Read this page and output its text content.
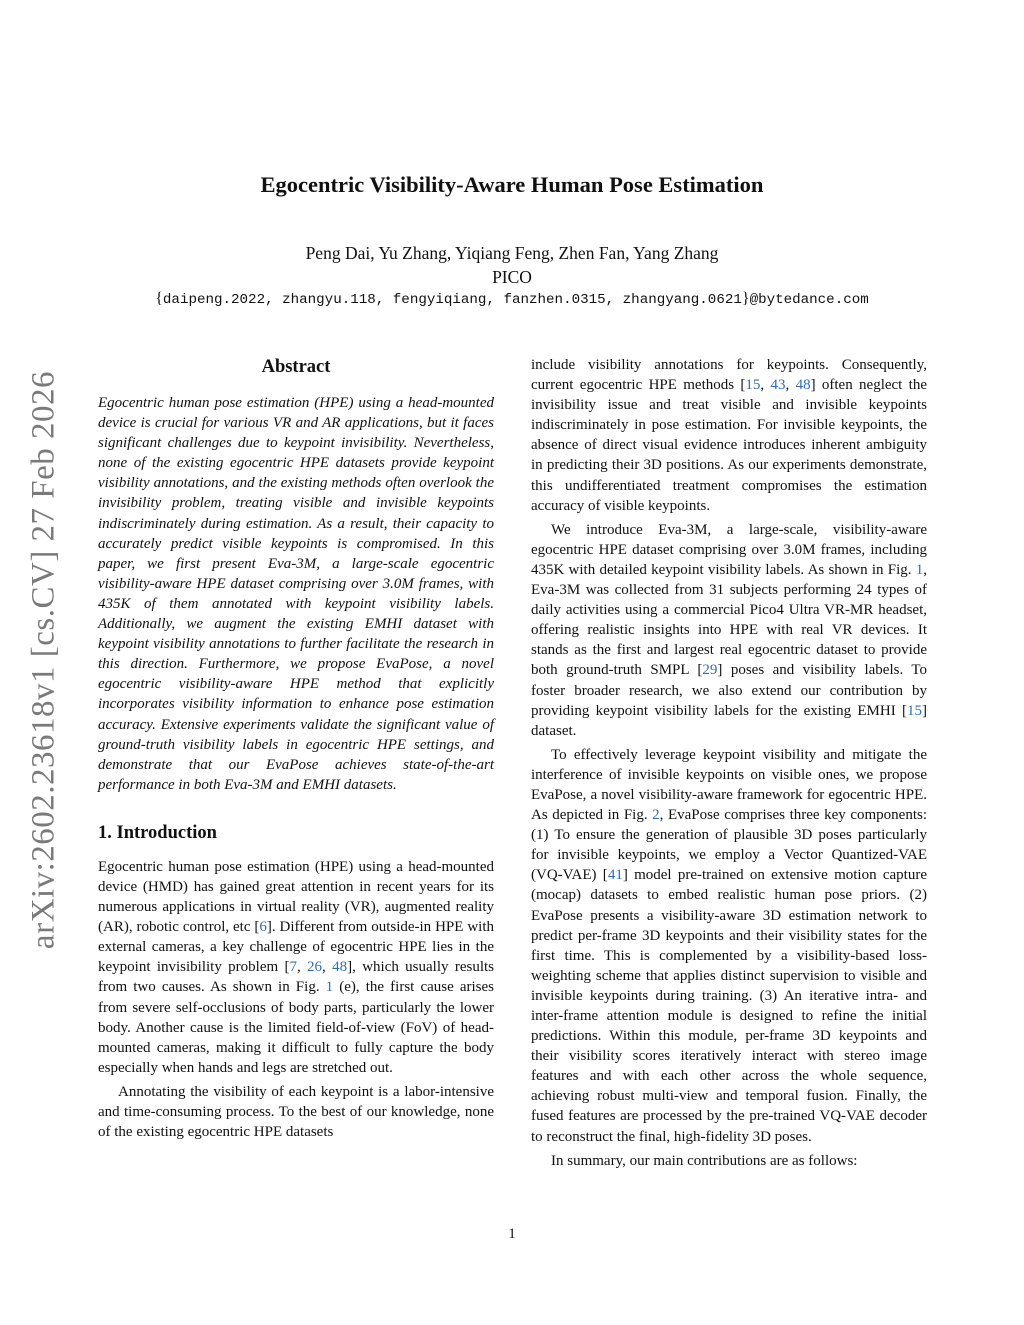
arXiv:2602.23618v1 [cs.CV] 27 Feb 2026
Egocentric Visibility-Aware Human Pose Estimation
Peng Dai, Yu Zhang, Yiqiang Feng, Zhen Fan, Yang Zhang
PICO
{daipeng.2022, zhangyu.118, fengyiqiang, fanzhen.0315, zhangyang.0621}@bytedance.com
Abstract

Egocentric human pose estimation (HPE) using a head-mounted device is crucial for various VR and AR applications, but it faces significant challenges due to keypoint invisibility. Nevertheless, none of the existing egocentric HPE datasets provide keypoint visibility annotations, and the existing methods often overlook the invisibility problem, treating visible and invisible keypoints indiscriminately during estimation. As a result, their capacity to accurately predict visible keypoints is compromised. In this paper, we first present Eva-3M, a large-scale egocentric visibility-aware HPE dataset comprising over 3.0M frames, with 435K of them annotated with keypoint visibility labels. Additionally, we augment the existing EMHI dataset with keypoint visibility annotations to further facilitate the research in this direction. Furthermore, we propose EvaPose, a novel egocentric visibility-aware HPE method that explicitly incorporates visibility information to enhance pose estimation accuracy. Extensive experiments validate the significant value of ground-truth visibility labels in egocentric HPE settings, and demonstrate that our EvaPose achieves state-of-the-art performance in both Eva-3M and EMHI datasets.

1. Introduction

Egocentric human pose estimation (HPE) using a head-mounted device (HMD) has gained great attention in recent years for its numerous applications in virtual reality (VR), augmented reality (AR), robotic control, etc [6]. Different from outside-in HPE with external cameras, a key challenge of egocentric HPE lies in the keypoint invisibility problem [7, 26, 48], which usually results from two causes. As shown in Fig. 1 (e), the first cause arises from severe self-occlusions of body parts, particularly the lower body. Another cause is the limited field-of-view (FoV) of head-mounted cameras, making it difficult to fully capture the body especially when hands and legs are stretched out.

Annotating the visibility of each keypoint is a labor-intensive and time-consuming process. To the best of our knowledge, none of the existing egocentric HPE datasets

include visibility annotations for keypoints. Consequently, current egocentric HPE methods [15, 43, 48] often neglect the invisibility issue and treat visible and invisible keypoints indiscriminately in pose estimation. For invisible keypoints, the absence of direct visual evidence introduces inherent ambiguity in predicting their 3D positions. As our experiments demonstrate, this undifferentiated treatment compromises the estimation accuracy of visible keypoints.

We introduce Eva-3M, a large-scale, visibility-aware egocentric HPE dataset comprising over 3.0M frames, including 435K with detailed keypoint visibility labels. As shown in Fig. 1, Eva-3M was collected from 31 subjects performing 24 types of daily activities using a commercial Pico4 Ultra VR-MR headset, offering realistic insights into HPE with real VR devices. It stands as the first and largest real egocentric dataset to provide both ground-truth SMPL [29] poses and visibility labels. To foster broader research, we also extend our contribution by providing keypoint visibility labels for the existing EMHI [15] dataset.

To effectively leverage keypoint visibility and mitigate the interference of invisible keypoints on visible ones, we propose EvaPose, a novel visibility-aware framework for egocentric HPE. As depicted in Fig. 2, EvaPose comprises three key components: (1) To ensure the generation of plausible 3D poses particularly for invisible keypoints, we employ a Vector Quantized-VAE (VQ-VAE) [41] model pre-trained on extensive motion capture (mocap) datasets to embed realistic human pose priors. (2) EvaPose presents a visibility-aware 3D estimation network to predict per-frame 3D keypoints and their visibility states for the first time. This is complemented by a visibility-based loss-weighting scheme that applies distinct supervision to visible and invisible keypoints during training. (3) An iterative intra- and inter-frame attention module is designed to refine the initial predictions. Within this module, per-frame 3D keypoints and their visibility scores iteratively interact with stereo image features and with each other across the whole sequence, achieving robust multi-view and temporal fusion. Finally, the fused features are processed by the pre-trained VQ-VAE decoder to reconstruct the final, high-fidelity 3D poses.

In summary, our main contributions are as follows:

1
